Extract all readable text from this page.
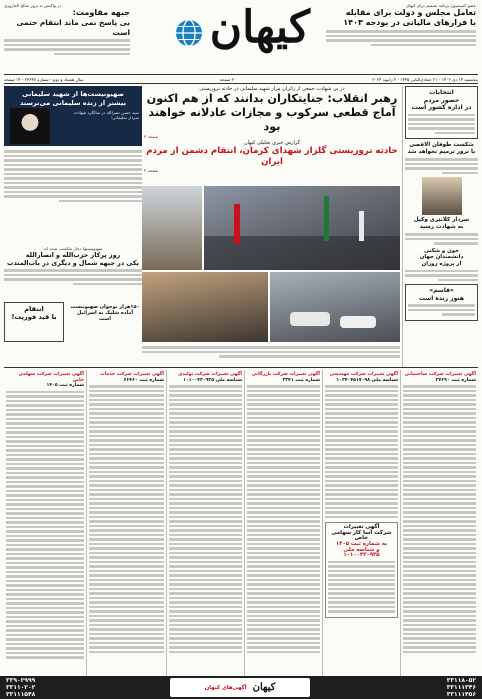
عضو کمیسیون برنامه تصمیم برای کیهان
تعامل مجلس و دولت برای مقابله
با فرارهای مالیاتی در بودجه ۱۴۰۳
کیهان
در واکنش به ترور صالح العاروری
جبهه مقاومت:
بی پاسخ نمی ماند انتقام حتمی است
پنجشنبه ۱۴ دی ۱۴۰۲ - ۲۱ جمادی‌الثانی ۱۴۴۵ - ۴ ژانویه ۲۰۲۴
۲۰ صفحه
سال هشتاد و دوم - شماره ۲۳۶۴۷ - ۱۴ صفحه
انتخابات
حضور مردم
در اداره کشور است
شکست طوفان الاقصی
با ترور ترمیم نخواهد شد
سردار کلانتری وکیل
به شهادت رسید
خون و شکنی
دانشمندان جهان
از پروژه روزان
«قاسم»
هنوز زنده است
در پی شهادت جمعی از زائران مزار شهید سلیمانی در حادثه تروریستی
رهبر انقلاب: جنایتکاران بدانند که از هم اکنون
آماج قطعی سرکوب و مجازات عادلانه خواهند بود
صفحه ۳
گزارش خبری تحلیلی کیهان
حادثه تروریستی گلزار شهدای کرمان، انتقام دشمن از مردم ایران
صفحه ۲
صهیونیست‌ها از شهید سلیمانی
بیشتر از زنده سلیمانی می‌ترسند
سید حسن نصرالله در سالگرد شهادت سردار سلیمانی:
صهیونیستها دچار شکست شده اند
روز پرکار حزب‌الله و انصارالله
یکی در جبهه شمال و دیگری در باب‌المندب
انتقام
با قید فوریت!
۱۵۰هزار نوجوان صهیونیست
آماده شلیک به اسرائیل
است
آگهی تغییرات شرکت ساختمانی
شماره ثبت ۲۷۶۹۰
آگهی تغییرات شرکت مهندسی
شناسه ملی ۱۰۳۴۰۴۵۱۷۰۹۸
آگهی تغییرات
شرکت آسا کار سهامی خاص
به شماره ثبت ۱۴۰۵
و شناسه ملی ۱۰۱۰۰۴۳۰۹۳۵
آگهی تغییرات شرکت بازرگانی
شماره ثبت ۳۲۴۱
آگهی تغییرات شرکت تولیدی
شناسه ملی ۱۰۱۰۰۴۳۰۹۳۵
آگهی تغییرات شرکت خدمات
شماره ثبت ۶۶۴۶۰
آگهی تغییرات شرکت سهامی خاص
شماره ثبت ۱۴۰۵
۳۳۱۱۸۰۵۲
۳۳۱۱۱۳۴۶
۳۳۱۱۱۴۵۶
کیهان
آگهی‌های کیهان
۳۳۹۰۲۹۹۹
۳۳۱۱۰۲۰۲
۳۳۱۱۱۵۴۸
